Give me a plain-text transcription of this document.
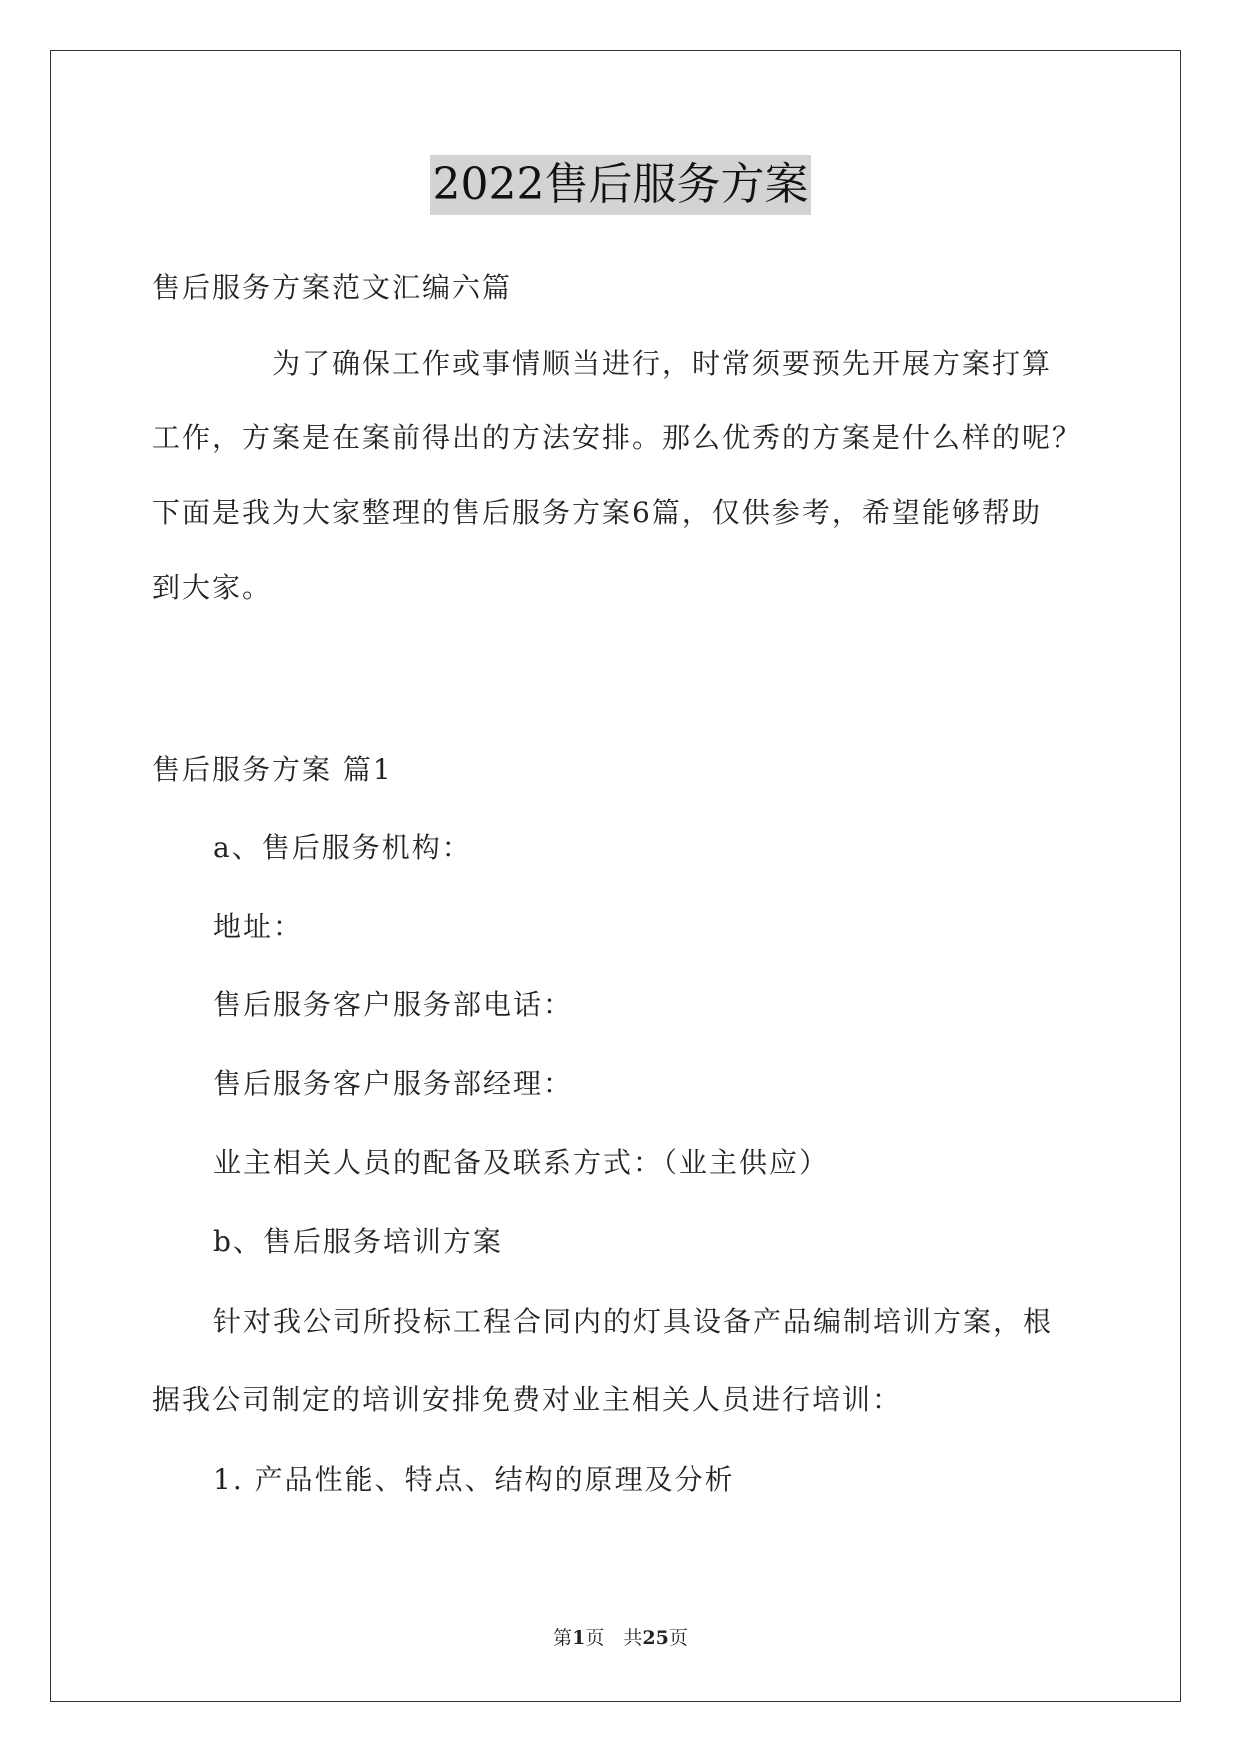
2022售后服务方案
售后服务方案范文汇编六篇
为了确保工作或事情顺当进行，时常须要预先开展方案打算
工作，方案是在案前得出的方法安排。那么优秀的方案是什么样的呢？
下面是我为大家整理的售后服务方案6篇，仅供参考，希望能够帮助
到大家。
售后服务方案 篇1
a、售后服务机构：
地址：
售后服务客户服务部电话：
售后服务客户服务部经理：
业主相关人员的配备及联系方式：（业主供应）
b、售后服务培训方案
针对我公司所投标工程合同内的灯具设备产品编制培训方案，根
据我公司制定的培训安排免费对业主相关人员进行培训：
1. 产品性能、特点、结构的原理及分析
第1页　共25页
